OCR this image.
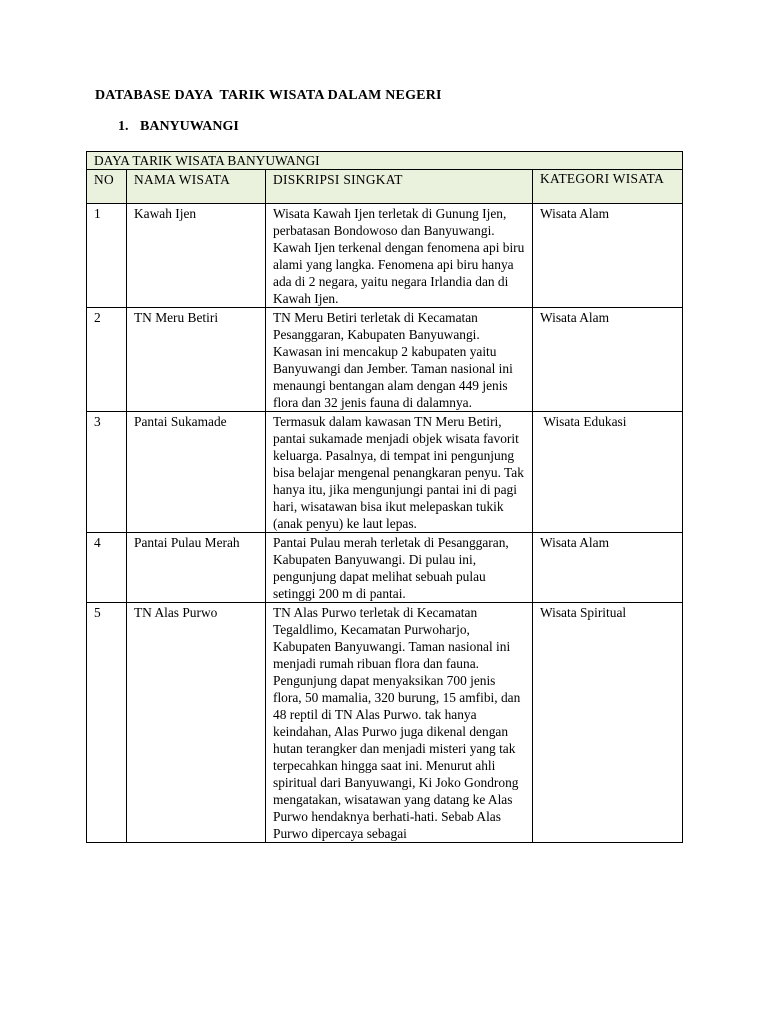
DATABASE DAYA  TARIK WISATA DALAM NEGERI
1. BANYUWANGI
DAYA TARIK WISATA BANYUWANGI			
NO	NAMA WISATA	DISKRIPSI SINGKAT	KATEGORI WISATA
1	Kawah Ijen	Wisata Kawah Ijen terletak di Gunung Ijen, perbatasan Bondowoso dan Banyuwangi. Kawah Ijen terkenal dengan fenomena api biru alami yang langka. Fenomena api biru hanya ada di 2 negara, yaitu negara Irlandia dan di Kawah Ijen.	Wisata Alam
2	TN Meru Betiri	TN Meru Betiri terletak di Kecamatan Pesanggaran, Kabupaten Banyuwangi. Kawasan ini mencakup 2 kabupaten yaitu Banyuwangi dan Jember. Taman nasional ini menaungi bentangan alam dengan 449 jenis flora dan 32 jenis fauna di dalamnya.	Wisata Alam
3	Pantai Sukamade	Termasuk dalam kawasan TN Meru Betiri, pantai sukamade menjadi objek wisata favorit keluarga. Pasalnya, di tempat ini pengunjung bisa belajar mengenal penangkaran penyu. Tak hanya itu, jika mengunjungi pantai ini di pagi hari, wisatawan bisa ikut melepaskan tukik (anak penyu) ke laut lepas.	Wisata Edukasi
4	Pantai Pulau Merah	Pantai Pulau merah terletak di Pesanggaran, Kabupaten Banyuwangi. Di pulau ini, pengunjung dapat melihat sebuah pulau setinggi 200 m di pantai.	Wisata Alam
5	TN Alas Purwo	TN Alas Purwo terletak di Kecamatan Tegaldlimo, Kecamatan Purwoharjo, Kabupaten Banyuwangi. Taman nasional ini menjadi rumah ribuan flora dan fauna. Pengunjung dapat menyaksikan 700 jenis flora, 50 mamalia, 320 burung, 15 amfibi, dan 48 reptil di TN Alas Purwo. tak hanya keindahan, Alas Purwo juga dikenal dengan hutan terangker dan menjadi misteri yang tak terpecahkan hingga saat ini. Menurut ahli spiritual dari Banyuwangi, Ki Joko Gondrong mengatakan, wisatawan yang datang ke Alas Purwo hendaknya berhati-hati. Sebab Alas Purwo dipercaya sebagai	Wisata Spiritual
